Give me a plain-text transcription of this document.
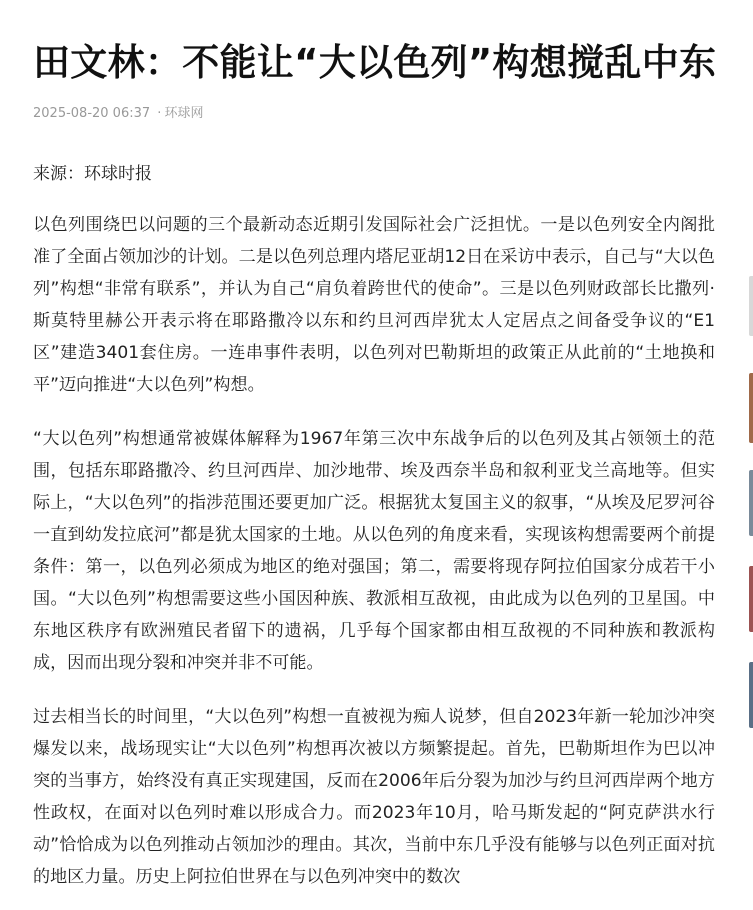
田文林：不能让“大以色列”构想搅乱中东
2025-08-20 06:37 · 环球网
来源：环球时报

以色列围绕巴以问题的三个最新动态近期引发国际社会广泛担忧。一是以色列安全内阁批准了全面占领加沙的计划。二是以色列总理内塔尼亚胡12日在采访中表示，自己与“大以色列”构想“非常有联系”，并认为自己“肩负着跨世代的使命”。三是以色列财政部长比撒列·斯莫特里赫公开表示将在耶路撒冷以东和约旦河西岸犹太人定居点之间备受争议的“E1区”建造3401套住房。一连串事件表明，以色列对巴勒斯坦的政策正从此前的“土地换和平”迈向推进“大以色列”构想。

“大以色列”构想通常被媒体解释为1967年第三次中东战争后的以色列及其占领领土的范围，包括东耶路撒冷、约旦河西岸、加沙地带、埃及西奈半岛和叙利亚戈兰高地等。但实际上，“大以色列”的指涉范围还要更加广泛。根据犹太复国主义的叙事，“从埃及尼罗河谷一直到幼发拉底河”都是犹太国家的土地。从以色列的角度来看，实现该构想需要两个前提条件：第一，以色列必须成为地区的绝对强国；第二，需要将现存阿拉伯国家分成若干小国。“大以色列”构想需要这些小国因种族、教派相互敌视，由此成为以色列的卫星国。中东地区秩序有欧洲殖民者留下的遗祸，几乎每个国家都由相互敌视的不同种族和教派构成，因而出现分裂和冲突并非不可能。

过去相当长的时间里，“大以色列”构想一直被视为痴人说梦，但自2023年新一轮加沙冲突爆发以来，战场现实让“大以色列”构想再次被以方频繁提起。首先，巴勒斯坦作为巴以冲突的当事方，始终没有真正实现建国，反而在2006年后分裂为加沙与约旦河西岸两个地方性政权，在面对以色列时难以形成合力。而2023年10月，哈马斯发起的“阿克萨洪水行动”恰恰成为以色列推动占领加沙的理由。其次，当前中东几乎没有能够与以色列正面对抗的地区力量。历史上阿拉伯世界在与以色列冲突中的数次
